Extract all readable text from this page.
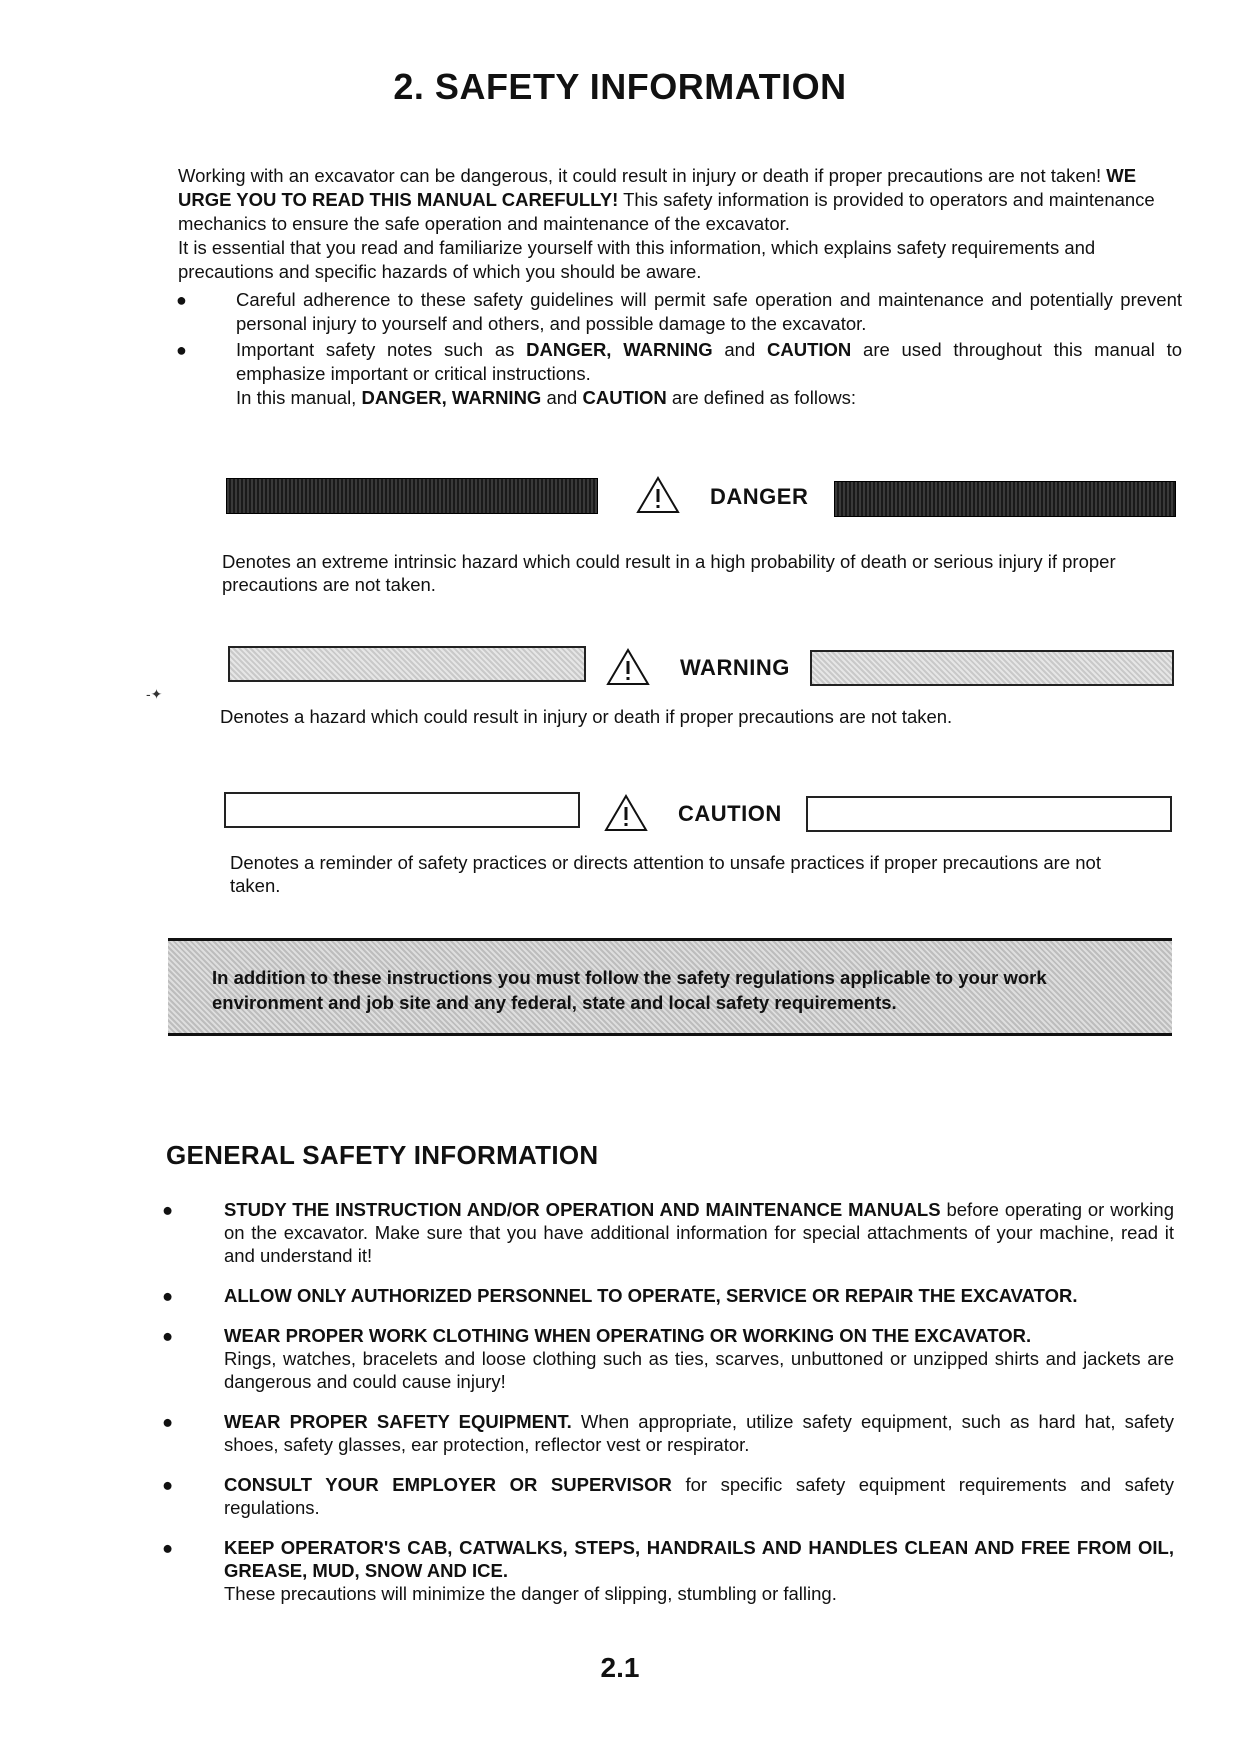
2. SAFETY INFORMATION

Working with an excavator can be dangerous, it could result in injury or death if proper precautions are not taken! WE URGE YOU TO READ THIS MANUAL CAREFULLY! This safety information is provided to operators and maintenance mechanics to ensure the safe operation and maintenance of the excavator.

It is essential that you read and familiarize yourself with this information, which explains safety requirements and precautions and specific hazards of which you should be aware.

●	Careful adherence to these safety guidelines will permit safe operation and maintenance and potentially prevent personal injury to yourself and others, and possible damage to the excavator.
●	Important safety notes such as DANGER, WARNING and CAUTION are used throughout this manual to emphasize important or critical instructions.
In this manual, DANGER, WARNING and CAUTION are defined as follows:
DANGER
Denotes an extreme intrinsic hazard which could result in a high probability of death or serious injury if proper precautions are not taken.
WARNING
Denotes a hazard which could result in injury or death if proper precautions are not taken.
-✦
CAUTION
Denotes a reminder of safety practices or directs attention to unsafe practices if proper precautions are not taken.
In addition to these instructions you must follow the safety regulations applicable to your work environment and job site and any federal, state and local safety requirements.
GENERAL SAFETY INFORMATION
●	STUDY THE INSTRUCTION AND/OR OPERATION AND MAINTENANCE MANUALS before operating or working on the excavator. Make sure that you have additional information for special attachments of your machine, read it and understand it!
●	ALLOW ONLY AUTHORIZED PERSONNEL TO OPERATE, SERVICE OR REPAIR THE EXCAVATOR.
●	WEAR PROPER WORK CLOTHING WHEN OPERATING OR WORKING ON THE EXCAVATOR.
Rings, watches, bracelets and loose clothing such as ties, scarves, unbuttoned or unzipped shirts and jackets are dangerous and could cause injury!
●	WEAR PROPER SAFETY EQUIPMENT. When appropriate, utilize safety equipment, such as hard hat, safety shoes, safety glasses, ear protection, reflector vest or respirator.
●	CONSULT YOUR EMPLOYER OR SUPERVISOR for specific safety equipment requirements and safety regulations.
●	KEEP OPERATOR'S CAB, CATWALKS, STEPS, HANDRAILS AND HANDLES CLEAN AND FREE FROM OIL, GREASE, MUD, SNOW AND ICE.
These precautions will minimize the danger of slipping, stumbling or falling.
2.1
